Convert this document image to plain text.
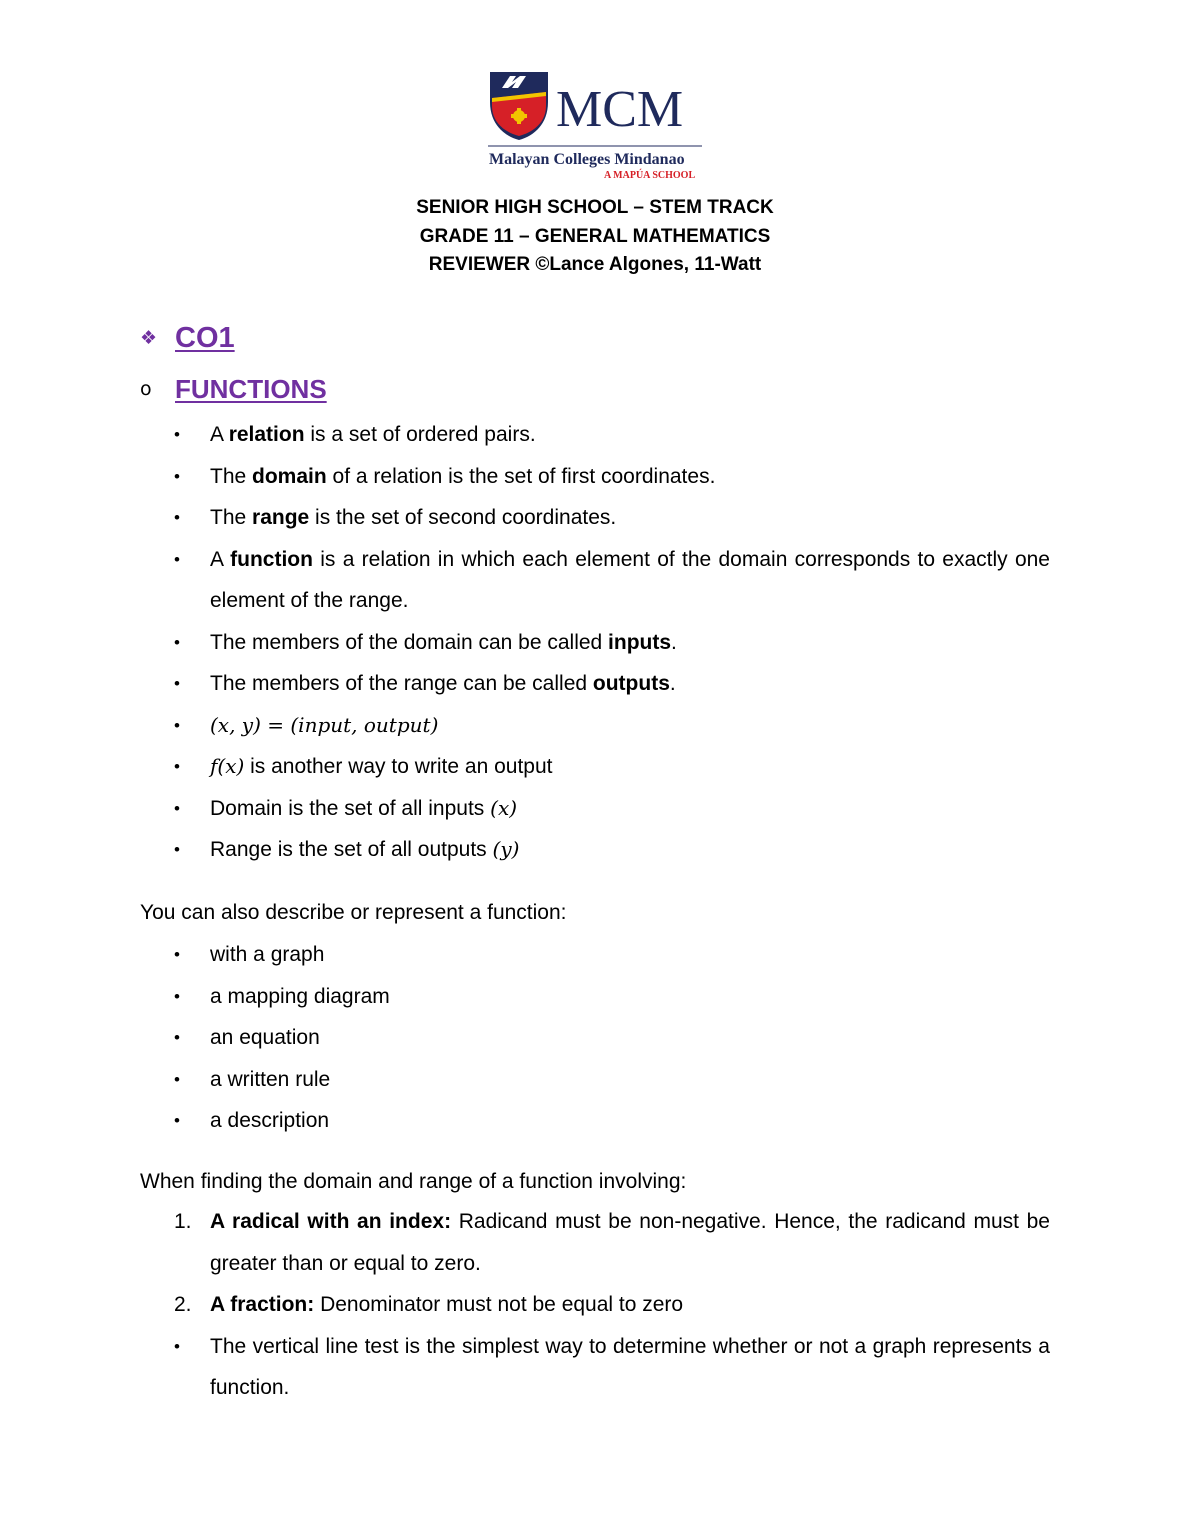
MCM
Malayan Colleges Mindanao
A MAPÚA SCHOOL
SENIOR HIGH SCHOOL – STEM TRACK
GRADE 11 – GENERAL MATHEMATICS
REVIEWER ©Lance Algones, 11-Watt
❖ CO1
o FUNCTIONS
•	A relation is a set of ordered pairs.
•	The domain of a relation is the set of first coordinates.
•	The range is the set of second coordinates.
•	A function is a relation in which each element of the domain corresponds to exactly one element of the range.
•	The members of the domain can be called inputs.
•	The members of the range can be called outputs.
•	(x, y) = (input, output)
•	f(x) is another way to write an output
•	Domain is the set of all inputs (x)
•	Range is the set of all outputs (y)
You can also describe or represent a function:
•	with a graph
•	a mapping diagram
•	an equation
•	a written rule
•	a description
When finding the domain and range of a function involving:
1. A radical with an index: Radicand must be non-negative. Hence, the radicand must be greater than or equal to zero.
2. A fraction: Denominator must not be equal to zero
•	The vertical line test is the simplest way to determine whether or not a graph represents a function.
